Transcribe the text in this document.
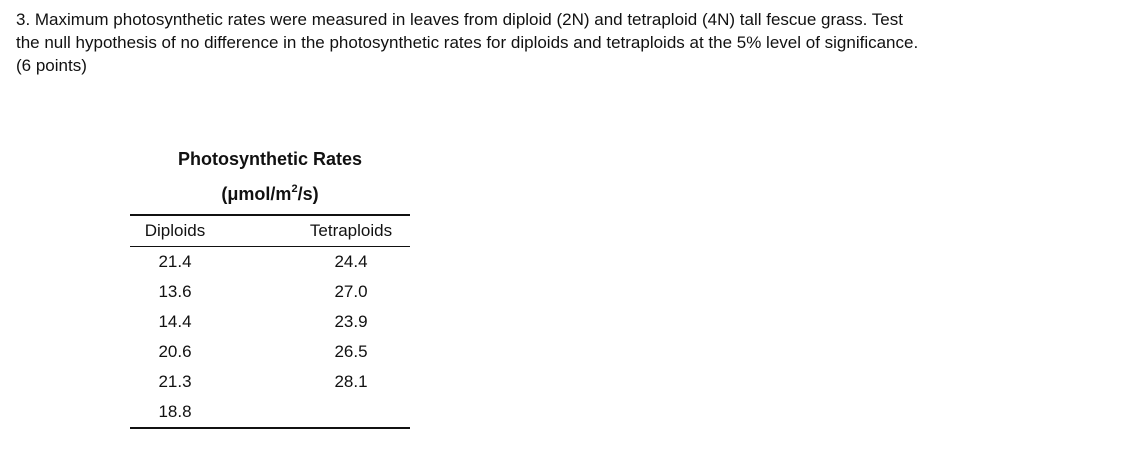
3. Maximum photosynthetic rates were measured in leaves from diploid (2N) and tetraploid (4N) tall fescue grass. Test

the null hypothesis of no difference in the photosynthetic rates for diploids and tetraploids at the 5% level of significance.

(6 points)

Photosynthetic Rates
$(\mu mol/m^2/s)$
Diploids	Tetraploids
21.4	24.4
13.6	27.0
14.4	23.9
20.6	26.5
21.3	28.1
18.8	
